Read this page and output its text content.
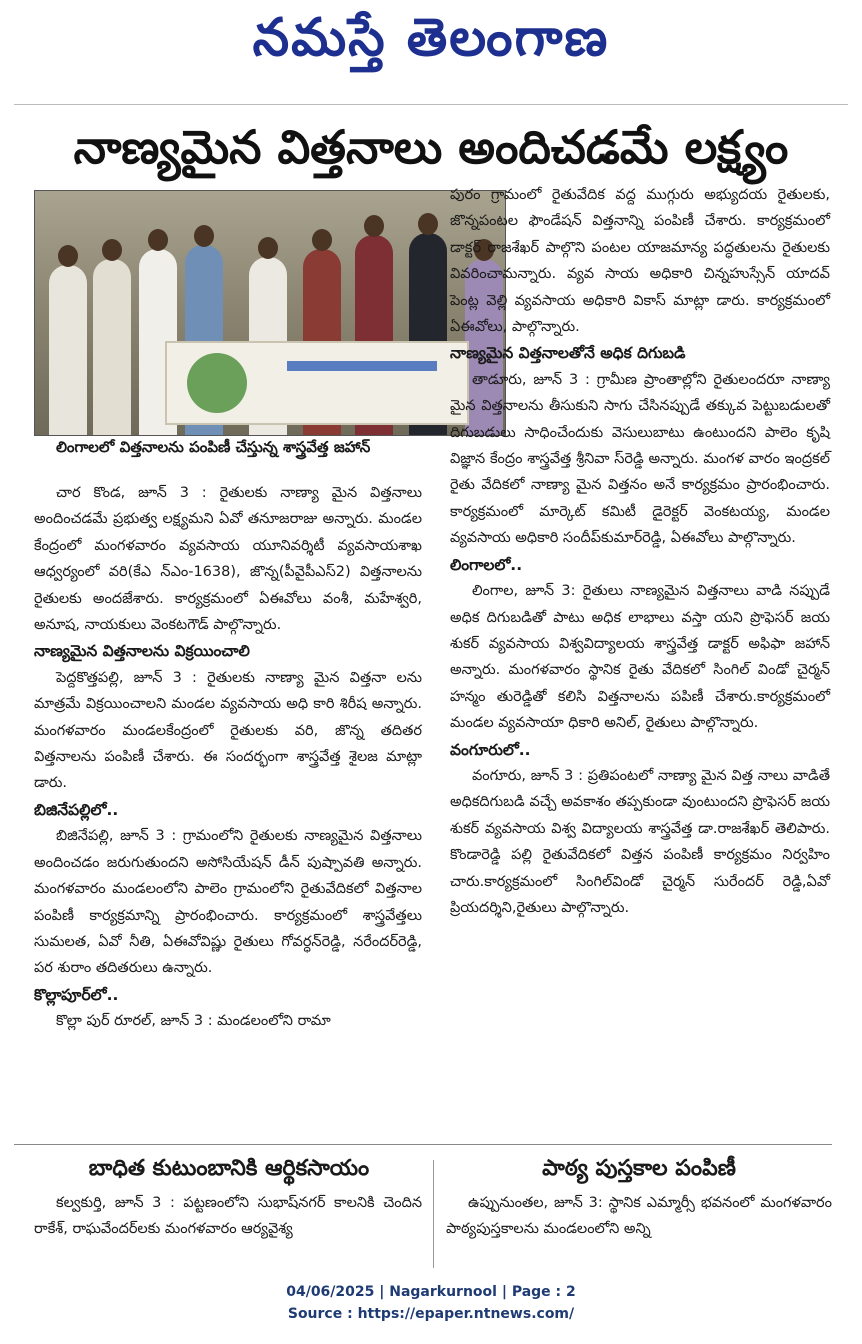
నమస్తే తెలంగాణ
నాణ్యమైన విత్తనాలు అందిచడమే లక్ష్యం
లింగాలలో విత్తనాలను పంపిణీ చేస్తున్న శాస్త్రవేత్త జహాన్

చార కొండ, జూన్ 3 : రైతులకు నాణ్యా మైన విత్తనాలు అందించడమే ప్రభుత్వ లక్ష్యమని ఏవో తనూజరాజు అన్నారు. మండల కేంద్రంలో మంగళవారం వ్యవసాయ యూనివర్శిటీ వ్యవసాయశాఖ ఆధ్వర్యంలో వరి(కేఎ న్ఎం-1638), జొన్న(పీవైపీఎస్2) విత్తనాలను రైతులకు అందజేశారు. కార్యక్రమంలో ఏఈవోలు వంశీ, మహేశ్వరి, అనూష, నాయకులు వెంకటగౌడ్ పాల్గొన్నారు.

నాణ్యమైన విత్తనాలను విక్రయించాలి

పెద్దకొత్తపల్లి, జూన్ 3 : రైతులకు నాణ్యా మైన విత్తనా లను మాత్రమే విక్రయించాలని మండల వ్యవసాయ అధి కారి శిరీష అన్నారు. మంగళవారం మండలకేంద్రంలో రైతులకు వరి, జొన్న తదితర విత్తనాలను పంపిణీ చేశారు. ఈ సందర్భంగా శాస్త్రవేత్త శైలజ మాట్లా డారు.

బిజినేపల్లిలో..

బిజినేపల్లి, జూన్ 3 : గ్రామంలోని రైతులకు నాణ్యమైన విత్తనాలు అందించడం జరుగుతుందని అసోసియేషన్ డీన్ పుష్పావతి అన్నారు. మంగళవారం మండలంలోని పాలెం గ్రామంలోని రైతువేదికలో విత్తనాల పంపిణీ కార్యక్రమాన్ని ప్రారంభించారు. కార్యక్రమంలో శాస్త్రవేత్తలు సుమలత, ఏవో నీతి, ఏఈవోవిష్ణు రైతులు గోవర్ధన్‌రెడ్డి, నరేందర్‌రెడ్డి, పర శురాం తదితరులు ఉన్నారు.

కొల్లాపూర్‌లో..

కొల్లా పుర్ రూరల్, జూన్ 3 : మండలంలోని రామా

పురం గ్రామంలో రైతువేదిక వద్ద ముగ్గురు అభ్యుదయ రైతులకు, జొన్నపంటల ఫౌండేషన్ విత్తనాన్ని పంపిణీ చేశారు. కార్యక్రమంలో డాక్టర్ రాజశేఖర్ పాల్గొని పంటల యాజమాన్య పద్ధతులను రైతులకు వివరించామన్నారు. వ్యవ సాయ అధికారి చిన్నహుస్సేన్ యాదవ్ పెంట్ల వెల్లి వ్యవసాయ అధికారి వికాస్ మాట్లా డారు. కార్యక్రమంలో ఏఈవోలు, పాల్గొన్నారు.

నాణ్యమైన విత్తనాలతోనే అధిక దిగుబడి

తాడూరు, జూన్ 3 : గ్రామీణ ప్రాంతాల్లోని రైతులందరూ నాణ్యా మైన విత్తనాలను తీసుకుని సాగు చేసినప్పుడే తక్కువ పెట్టుబడులతో దిగుబడులు సాధించేందుకు వెసులుబాటు ఉంటుందని పాలెం కృషి విజ్ఞాన కేంద్రం శాస్త్రవేత్త శ్రీనివా స్‌రెడ్డి అన్నారు. మంగళ వారం ఇంద్రకల్ రైతు వేదికలో నాణ్యా మైన విత్తనం అనే కార్యక్రమం ప్రారంభించారు. కార్యక్రమంలో మార్కెట్ కమిటీ డైరెక్టర్ వెంకటయ్య, మండల వ్యవసాయ అధికారి సందీప్‌కుమార్‌రెడ్డి, ఏఈవోలు పాల్గొన్నారు.

లింగాలలో..

లింగాల, జూన్ 3: రైతులు నాణ్యమైన విత్తనాలు వాడి నప్పుడే అధిక దిగుబడితో పాటు అధిక లాభాలు వస్తా యని ప్రొఫెసర్ జయ శుకర్ వ్యవసాయ విశ్వవిద్యాలయ శాస్త్రవేత్త డాక్టర్ అఫిఫా జహాన్ అన్నారు. మంగళవారం స్థానిక రైతు వేదికలో సింగిల్ విండో చైర్మన్ హన్మం తురెడ్డితో కలిసి విత్తనాలను పపిణీ చేశారు.కార్యక్రమంలో మండల వ్యవసాయా ధికారి అనిల్, రైతులు పాల్గొన్నారు.

వంగూరులో..

వంగూరు, జూన్ 3 : ప్రతిపంటలో నాణ్యా మైన విత్త నాలు వాడితే అధికదిగుబడి వచ్చే అవకాశం తప్పకుండా వుంటుందని ప్రొఫెసర్ జయ శుకర్ వ్యవసాయ విశ్వ విద్యాలయ శాస్త్రవేత్త డా.రాజశేఖర్ తెలిపారు. కొండారెడ్డి పల్లి రైతువేదికలో విత్తన పంపిణీ కార్యక్రమం నిర్వహిం చారు.కార్యక్రమంలో సింగిల్‌విండో చైర్మన్ సురేందర్ రెడ్డి,ఏవో ప్రియదర్శిని,రైతులు పాల్గొన్నారు.

బాధిత కుటుంబానికి ఆర్థికసాయం

కల్వకుర్తి, జూన్ 3 : పట్టణంలోని సుభాష్‌నగర్ కాలనికి చెందిన రాకేశ్, రాఘవేందర్‌లకు మంగళవారం ఆర్యవైశ్య

పాఠ్య పుస్తకాల పంపిణీ

ఉప్పునుంతల, జూన్ 3: స్థానిక ఎమ్మార్సీ భవనంలో మంగళవారం పాఠ్యపుస్తకాలను మండలంలోని అన్ని

04/06/2025 | Nagarkurnool | Page : 2
Source : https://epaper.ntnews.com/
